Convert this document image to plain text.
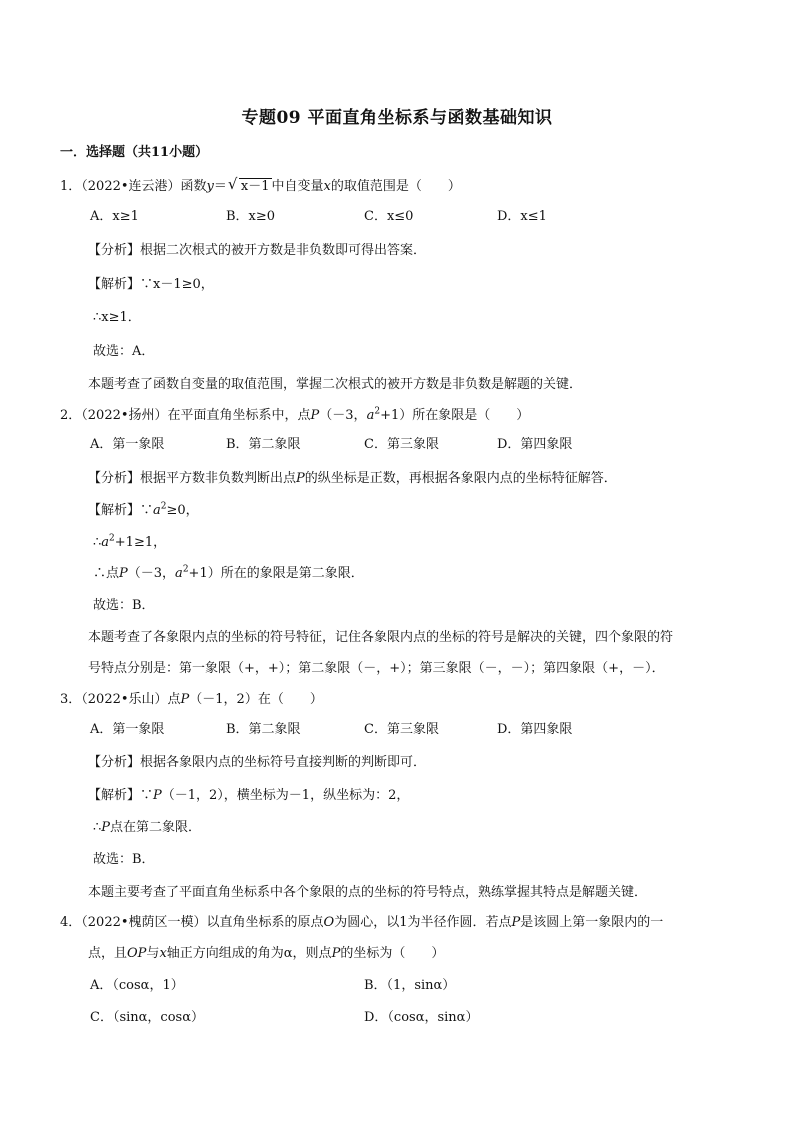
专题09 平面直角坐标系与函数基础知识
一．选择题（共11小题）
1．（2022•连云港）函数y＝ √ x－1 中自变量x的取值范围是（　　）
A．x≥1	B．x≥0	C．x≤0	D．x≤1
【分析】根据二次根式的被开方数是非负数即可得出答案．
【解析】∵x－1≥0，
∴x≥1．
故选：A．
本题考查了函数自变量的取值范围，掌握二次根式的被开方数是非负数是解题的关键．
2．（2022•扬州）在平面直角坐标系中，点P（－3，$a^2+1$）所在象限是（　　）
A．第一象限	B．第二象限	C．第三象限	D．第四象限
【分析】根据平方数非负数判断出点P的纵坐标是正数，再根据各象限内点的坐标特征解答．
【解析】$\because a^2\ge 0$，
$\therefore a^2+1\ge 1$，
∴点P（－3，$a^2+1$）所在的象限是第二象限．
故选：B．
本题考查了各象限内点的坐标的符号特征，记住各象限内点的坐标的符号是解决的关键，四个象限的符
号特点分别是：第一象限（+，+）；第二象限（－，+）；第三象限（－，－）；第四象限（+，－）．
3．（2022•乐山）点P（－1，2）在（　　）
A．第一象限	B．第二象限	C．第三象限	D．第四象限
【分析】根据各象限内点的坐标符号直接判断的判断即可．
【解析】∵P（－1，2），横坐标为－1，纵坐标为：2，
∴P点在第二象限．
故选：B．
本题主要考查了平面直角坐标系中各个象限的点的坐标的符号特点，熟练掌握其特点是解题关键．
4．（2022•槐荫区一模）以直角坐标系的原点O为圆心，以1为半径作圆．若点P是该圆上第一象限内的一
点，且OP与x轴正方向组成的角为α，则点P的坐标为（　　）
A．（cosα，1）	B．（1，sinα）
C．（sinα，cosα）	D．（cosα，sinα）
